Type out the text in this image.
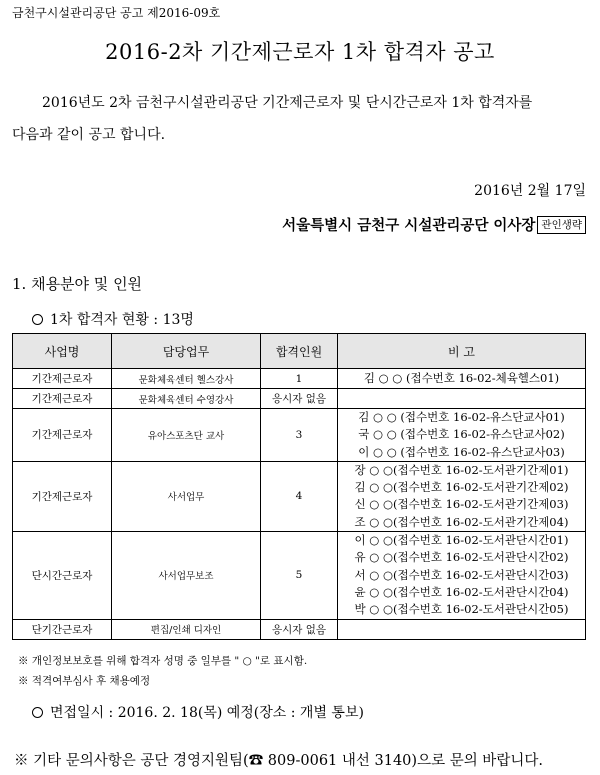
금천구시설관리공단 공고 제2016-09호
2016-2차 기간제근로자 1차 합격자 공고
2016년도 2차 금천구시설관리공단 기간제근로자 및 단시간근로자 1차 합격자를
다음과 같이 공고 합니다.
2016년 2월 17일
서울특별시 금천구 시설관리공단 이사장 관인생략
1. 채용분야 및 인원
1차 합격자 현황 : 13명
사업명	담당업무	합격인원	비 고
기간제근로자	문화체육센터 헬스강사	1	김 ○ ○ (접수번호 16-02-체육헬스01)

기간제근로자	문화체육센터 수영강사	응시자 없음	

기간제근로자	유아스포츠단 교사	3	김 ○ ○ (접수번호 16-02-유스단교사01)
국 ○ ○ (접수번호 16-02-유스단교사02)
이 ○ ○ (접수번호 16-02-유스단교사03)

기간제근로자	사서업무	4	장 ○ ○(접수번호 16-02-도서관기간제01)
김 ○ ○(접수번호 16-02-도서관기간제02)
신 ○ ○(접수번호 16-02-도서관기간제03)
조 ○ ○(접수번호 16-02-도서관기간제04)

단시간근로자	사서업무보조	5	이 ○ ○(접수번호 16-02-도서관단시간01)
유 ○ ○(접수번호 16-02-도서관단시간02)
서 ○ ○(접수번호 16-02-도서관단시간03)
윤 ○ ○(접수번호 16-02-도서관단시간04)
박 ○ ○(접수번호 16-02-도서관단시간05)

단기간근로자	편집/인쇄 디자인	응시자 없음	
※ 개인정보보호를 위해 합격자 성명 중 일부를 " ○ "로 표시함.
※ 적격여부심사 후 채용예정
면접일시 : 2016. 2. 18(목) 예정(장소 : 개별 통보)
※ 기타 문의사항은 공단 경영지원팀(☎ 809-0061 내선 3140)으로 문의 바랍니다.
